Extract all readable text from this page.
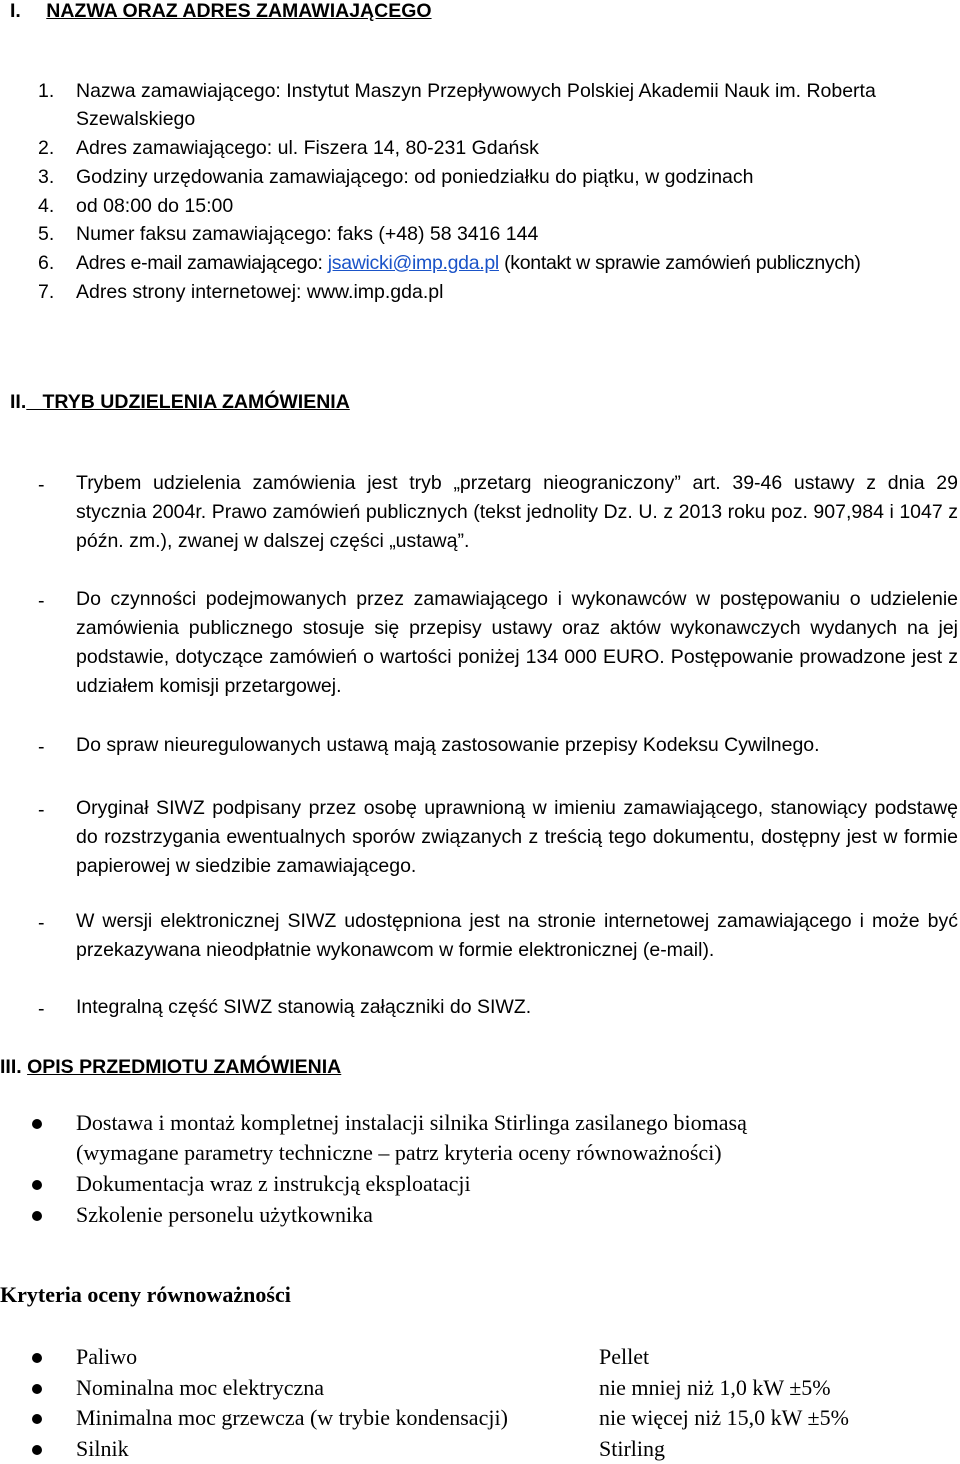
I. NAZWA ORAZ ADRES ZAMAWIAJĄCEGO
1. Nazwa zamawiającego: Instytut Maszyn Przepływowych Polskiej Akademii Nauk im. Roberta
Szewalskiego
2. Adres zamawiającego: ul. Fiszera 14, 80-231 Gdańsk
3. Godziny urzędowania zamawiającego: od poniedziałku do piątku, w godzinach
4. od 08:00 do 15:00
5. Numer faksu zamawiającego: faks (+48) 58 3416 144
6. Adres e-mail zamawiającego: jsawicki@imp.gda.pl (kontakt w sprawie zamówień publicznych)
7. Adres strony internetowej: www.imp.gda.pl
II.   TRYB UDZIELENIA ZAMÓWIENIA
- Trybem udzielenia zamówienia jest tryb „przetarg nieograniczony” art. 39-46 ustawy z dnia 29 stycznia 2004r. Prawo zamówień publicznych (tekst jednolity Dz. U. z 2013 roku poz. 907,984 i 1047 z późn. zm.), zwanej w dalszej części „ustawą”.
- Do czynności podejmowanych przez zamawiającego i wykonawców w postępowaniu o udzielenie zamówienia publicznego stosuje się przepisy ustawy oraz aktów wykonawczych wydanych na jej podstawie, dotyczące zamówień o wartości poniżej 134 000 EURO. Postępowanie prowadzone jest z udziałem komisji przetargowej.
- Do spraw nieuregulowanych ustawą mają zastosowanie przepisy Kodeksu Cywilnego.
- Oryginał SIWZ podpisany przez osobę uprawnioną w imieniu zamawiającego, stanowiący podstawę do rozstrzygania ewentualnych sporów związanych z treścią tego dokumentu, dostępny jest w formie papierowej w siedzibie zamawiającego.
- W wersji elektronicznej SIWZ udostępniona jest na stronie internetowej zamawiającego i może być przekazywana nieodpłatnie wykonawcom w formie elektronicznej (e-mail).
- Integralną część SIWZ stanowią załączniki do SIWZ.
III. OPIS PRZEDMIOTU ZAMÓWIENIA
Dostawa i montaż kompletnej instalacji silnika Stirlinga zasilanego biomasą
(wymagane parametry techniczne – patrz kryteria oceny równoważności)
Dokumentacja wraz z instrukcją eksploatacji
Szkolenie personelu użytkownika
Kryteria oceny równoważności
Paliwo	Pellet
Nominalna moc elektryczna	nie mniej niż 1,0 kW ±5%
Minimalna moc grzewcza (w trybie kondensacji)	nie więcej niż 15,0 kW ±5%
Silnik	Stirling
